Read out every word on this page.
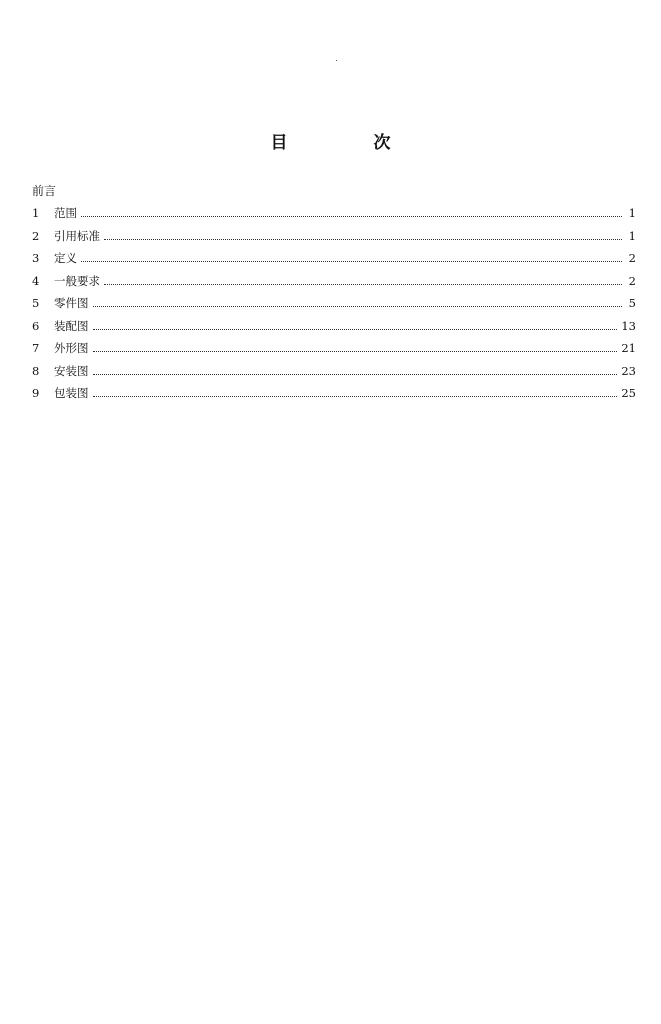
目 次
前言
1	范围	1
2	引用标准	1
3	定义	2
4	一般要求	2
5	零件图	5
6	装配图	13
7	外形图	21
8	安装图	23
9	包装图	25
